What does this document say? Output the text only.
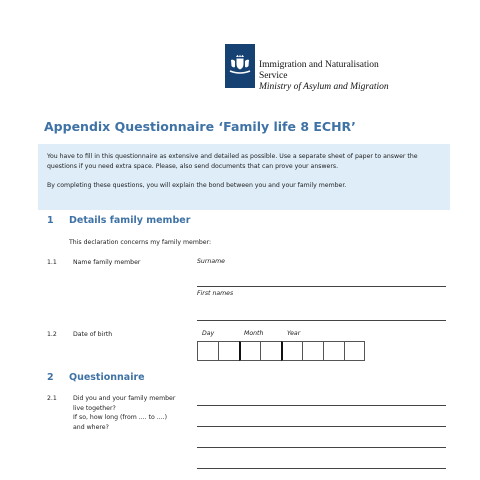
Immigration and Naturalisation
Service
Ministry of Asylum and Migration
Appendix Questionnaire ‘Family life 8 ECHR’

You have to fill in this questionnaire as extensive and detailed as possible. Use a separate sheet of paper to answer the questions if you need extra space. Please, also send documents that can prove your answers.

By completing these questions, you will explain the bond between you and your family member.

1 Details family member
This declaration concerns my family member:
1.1	Name family member	Surname
First names
1.2	Date of birth	Day	Month	Year
2 Questionnaire
2.1	Did you and your family member
live together?
If so, how long (from .... to ....)
and where?
